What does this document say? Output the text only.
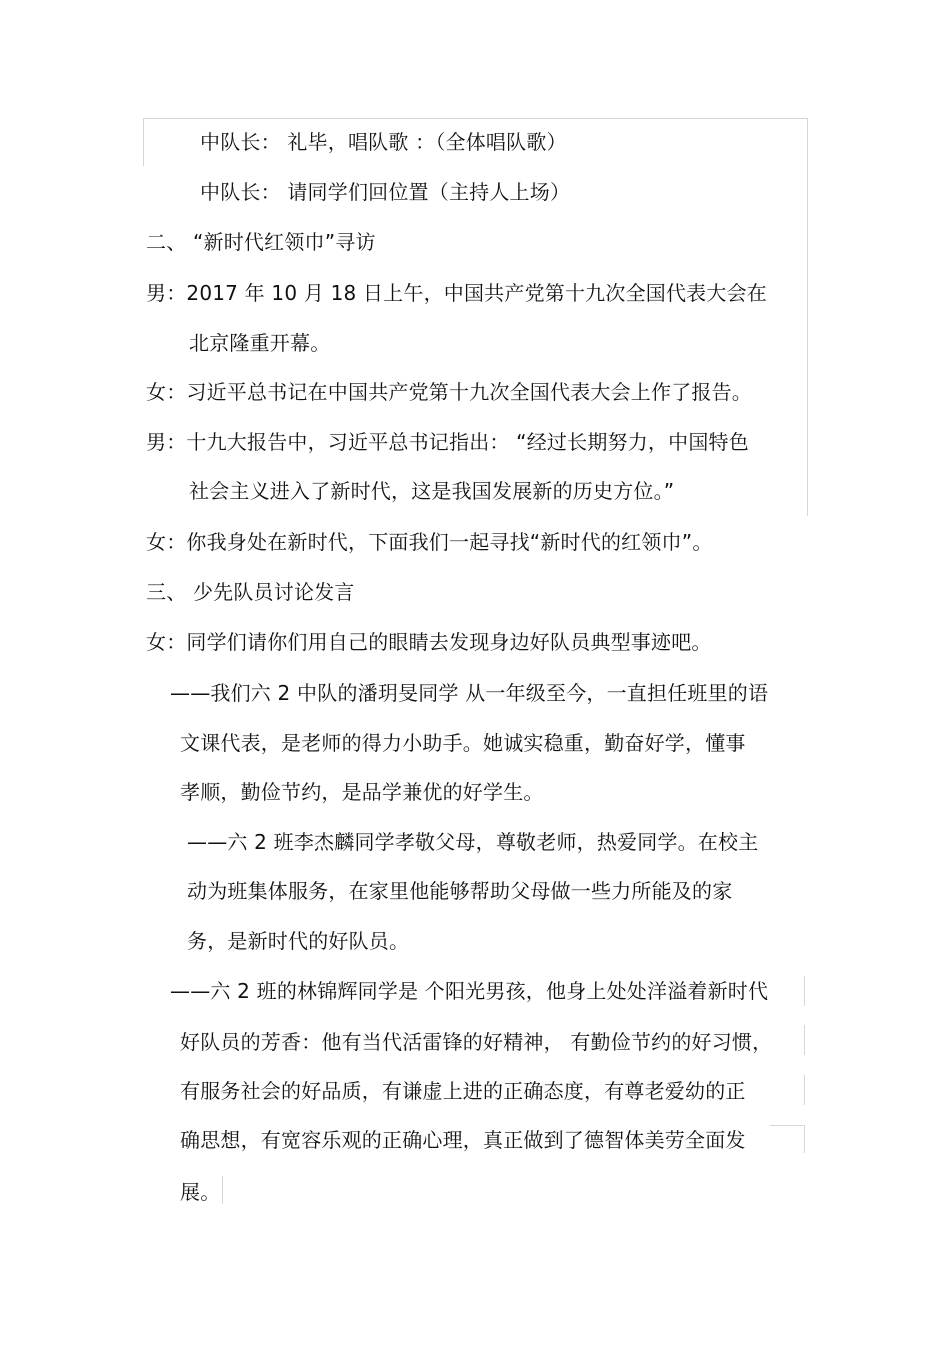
中队长： 礼毕，唱队歌 ：（全体唱队歌）
中队长： 请同学们回位置（主持人上场）
二、 “新时代红领巾”寻访
男：2017 年 10 月 18 日上午，中国共产党第十九次全国代表大会在
北京隆重开幕。
女：习近平总书记在中国共产党第十九次全国代表大会上作了报告。
男：十九大报告中，习近平总书记指出： “经过长期努力，中国特色
社会主义进入了新时代，这是我国发展新的历史方位。”
女：你我身处在新时代，下面我们一起寻找“新时代的红领巾”。
三、 少先队员讨论发言
女：同学们请你们用自己的眼睛去发现身边好队员典型事迹吧。
——我们六 2 中队的潘玥旻同学 从一年级至今，一直担任班里的语
文课代表，是老师的得力小助手。她诚实稳重，勤奋好学，懂事
孝顺，勤俭节约，是品学兼优的好学生。
——六 2 班李杰麟同学孝敬父母，尊敬老师，热爱同学。在校主
动为班集体服务，在家里他能够帮助父母做一些力所能及的家
务，是新时代的好队员。
——六 2 班的林锦辉同学是 个阳光男孩，他身上处处洋溢着新时代
好队员的芳香：他有当代活雷锋的好精神， 有勤俭节约的好习惯，
有服务社会的好品质，有谦虚上进的正确态度，有尊老爱幼的正
确思想，有宽容乐观的正确心理，真正做到了德智体美劳全面发
展。
